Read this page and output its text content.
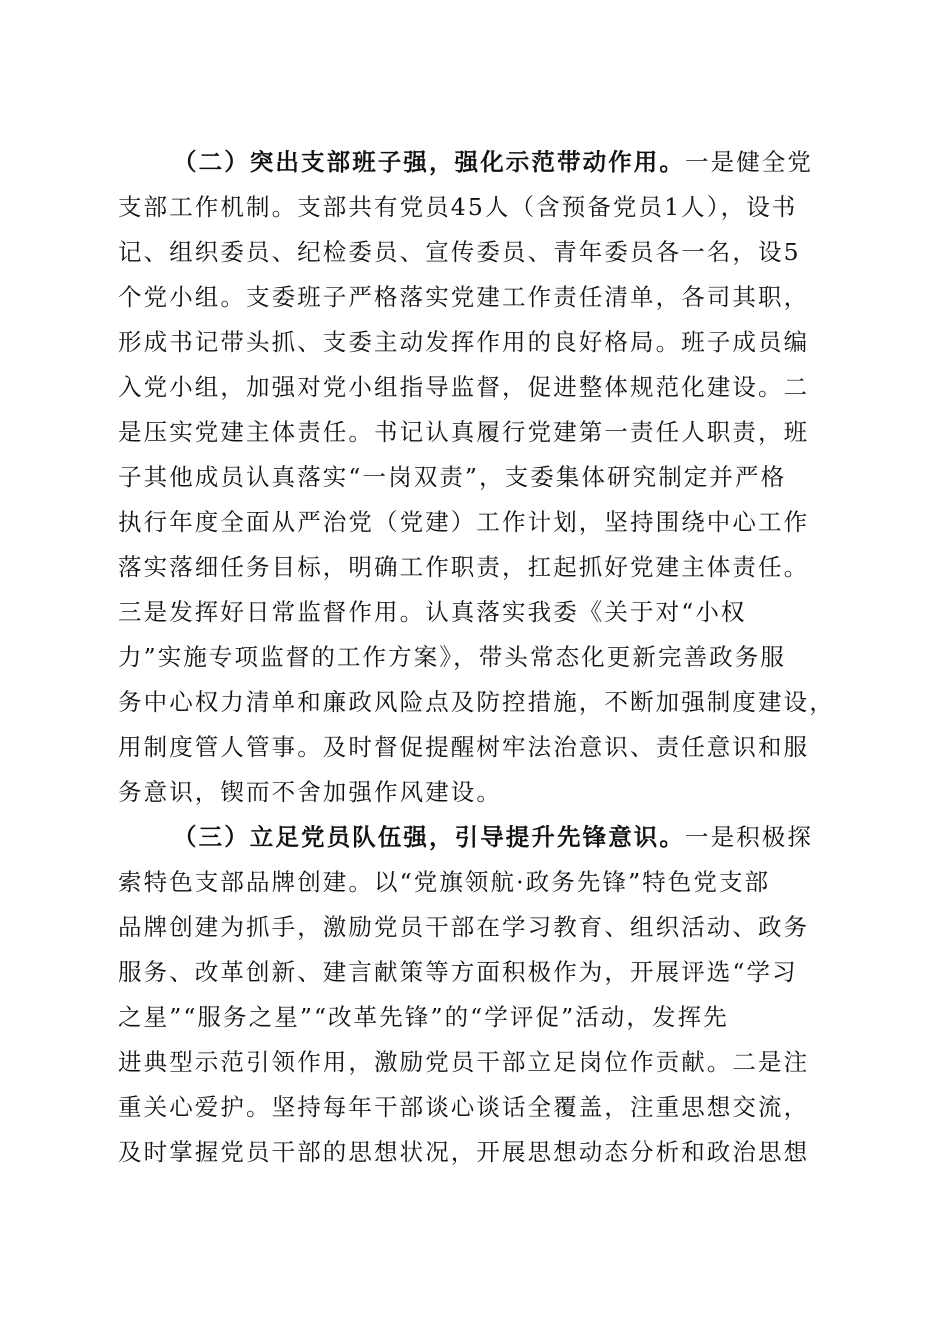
（二）突出支部班子强，强化示范带动作用。一是健全党
支部工作机制。支部共有党员45人（含预备党员1人），设书
记、组织委员、纪检委员、宣传委员、青年委员各一名，设5
个党小组。支委班子严格落实党建工作责任清单，各司其职，
形成书记带头抓、支委主动发挥作用的良好格局。班子成员编
入党小组，加强对党小组指导监督，促进整体规范化建设。二
是压实党建主体责任。书记认真履行党建第一责任人职责，班
子其他成员认真落实“一岗双责”，支委集体研究制定并严格
执行年度全面从严治党（党建）工作计划，坚持围绕中心工作
落实落细任务目标，明确工作职责，扛起抓好党建主体责任。
三是发挥好日常监督作用。认真落实我委《关于对“小权
力”实施专项监督的工作方案》，带头常态化更新完善政务服
务中心权力清单和廉政风险点及防控措施，不断加强制度建设，
用制度管人管事。及时督促提醒树牢法治意识、责任意识和服
务意识，锲而不舍加强作风建设。
（三）立足党员队伍强，引导提升先锋意识。一是积极探
索特色支部品牌创建。以“党旗领航·政务先锋”特色党支部
品牌创建为抓手，激励党员干部在学习教育、组织活动、政务
服务、改革创新、建言献策等方面积极作为，开展评选“学习
之星”“服务之星”“改革先锋”的“学评促”活动，发挥先
进典型示范引领作用，激励党员干部立足岗位作贡献。二是注
重关心爱护。坚持每年干部谈心谈话全覆盖，注重思想交流，
及时掌握党员干部的思想状况，开展思想动态分析和政治思想
